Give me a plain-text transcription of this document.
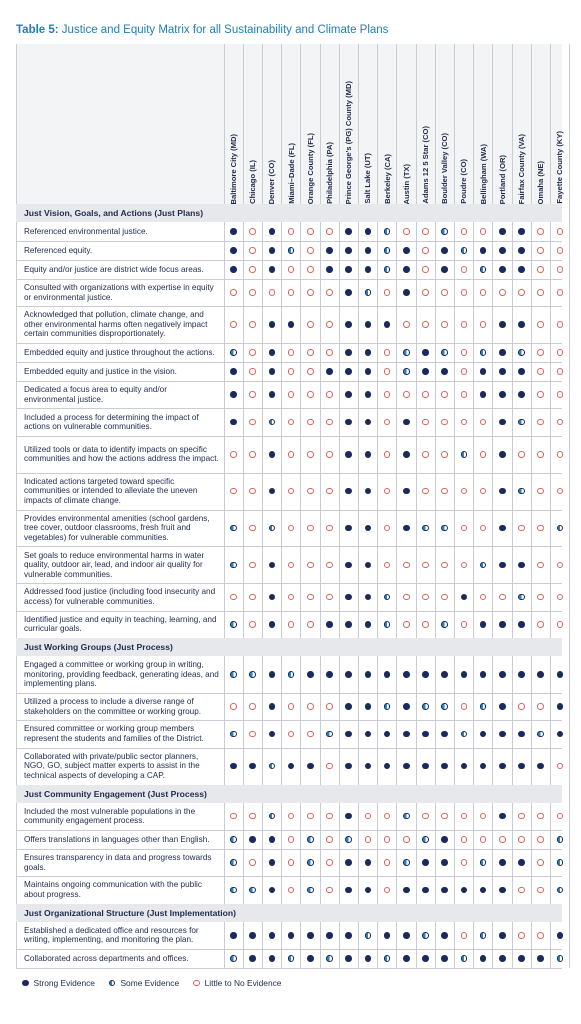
Table 5: Justice and Equity Matrix for all Sustainability and Climate Plans
Baltimore City (MD) Chicago (IL) Denver (CO) Miami–Dade (FL) Orange County (FL) Philadelphia (PA) Prince George's (PG) County (MD) Salt Lake (UT) Berkeley (CA) Austin (TX) Adams 12 5 Star (CO) Boulder Valley (CO) Poudre (CO) Bellingham (WA) Portland (OR) Fairfax County (VA) Omaha (NE) Fayette County (KY)
Just Vision, Goals, and Actions (Just Plans)
Referenced environmental justice.
Referenced equity.
Equity and/or justice are district wide focus areas.
Consulted with organizations with expertise in equity or environmental justice.
Acknowledged that pollution, climate change, and other environmental harms often negatively impact certain communities disproportionately.
Embedded equity and justice throughout the actions.
Embedded equity and justice in the vision.
Dedicated a focus area to equity and/or environmental justice.
Included a process for determining the impact of actions on vulnerable communities.
Utilized tools or data to identify impacts on specific communities and how the actions address the impact.
Indicated actions targeted toward specific communities or intended to alleviate the uneven impacts of climate change.
Provides environmental amenities (school gardens, tree cover, outdoor classrooms, fresh fruit and vegetables) for vulnerable communities.
Set goals to reduce environmental harms in water quality, outdoor air, lead, and indoor air quality for vulnerable communities.
Addressed food justice (including food insecurity and access) for vulnerable communities.
Identified justice and equity in teaching, learning, and curricular goals.
Just Working Groups (Just Process)
Engaged a committee or working group in writing, monitoring, providing feedback, generating ideas, and implementing plans.
Utilized a process to include a diverse range of stakeholders on the committee or working group.
Ensured committee or working group members represent the students and families of the District.
Collaborated with private/public sector planners, NGO, GO, subject matter experts to assist in the technical aspects of developing a CAP.
Just Community Engagement (Just Process)
Included the most vulnerable populations in the community engagement process.
Offers translations in languages other than English.
Ensures transparency in data and progress towards goals.
Maintains ongoing communication with the public about progress.
Just Organizational Structure (Just Implementation)
Established a dedicated office and resources for writing, implementing, and monitoring the plan.
Collaborated across departments and offices.
Strong Evidence	Some Evidence	Little to No Evidence
